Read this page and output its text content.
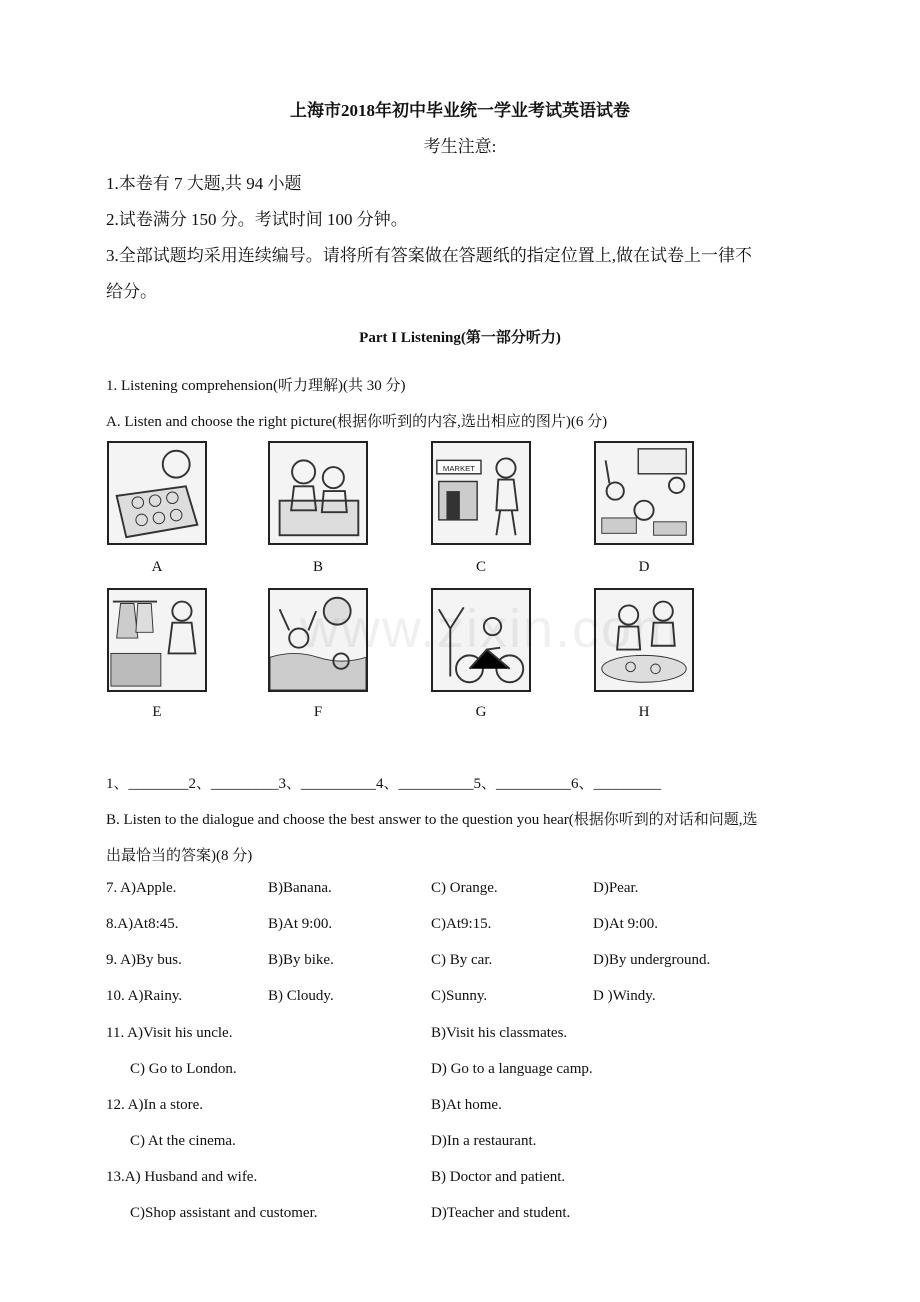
上海市2018年初中毕业统一学业考试英语试卷
考生注意:
1.本卷有 7 大题,共 94 小题
2.试卷满分 150 分。考试时间 100 分钟。
3.全部试题均采用连续编号。请将所有答案做在答题纸的指定位置上,做在试卷上一律不
给分。
Part I Listening(第一部分听力)
1. Listening comprehension(听力理解)(共 30 分)
A. Listen and choose the right picture(根据你听到的内容,选出相应的图片)(6 分)
MARKET
A	B	C	D
www.zixin.com
E	F	G	H
1、________2、_________3、__________4、__________5、__________6、_________
B. Listen to the dialogue and choose the best answer to the question you hear(根据你听到的对话和问题,选
出最恰当的答案)(8 分)
7. A)Apple.	B)Banana.	C) Orange.	D)Pear.
8.A)At8:45.	B)At 9:00.	C)At9:15.	D)At 9:00.
9. A)By bus.	B)By bike.	C) By car.	D)By underground.
10. A)Rainy.	B) Cloudy.	C)Sunny.	D )Windy.
11. A)Visit his uncle.	B)Visit his classmates.
C) Go to London.	D) Go to a language camp.
12. A)In a store.	B)At home.
C) At the cinema.	D)In a restaurant.
13.A) Husband and wife.	B) Doctor and patient.
C)Shop assistant and customer.	D)Teacher and student.
